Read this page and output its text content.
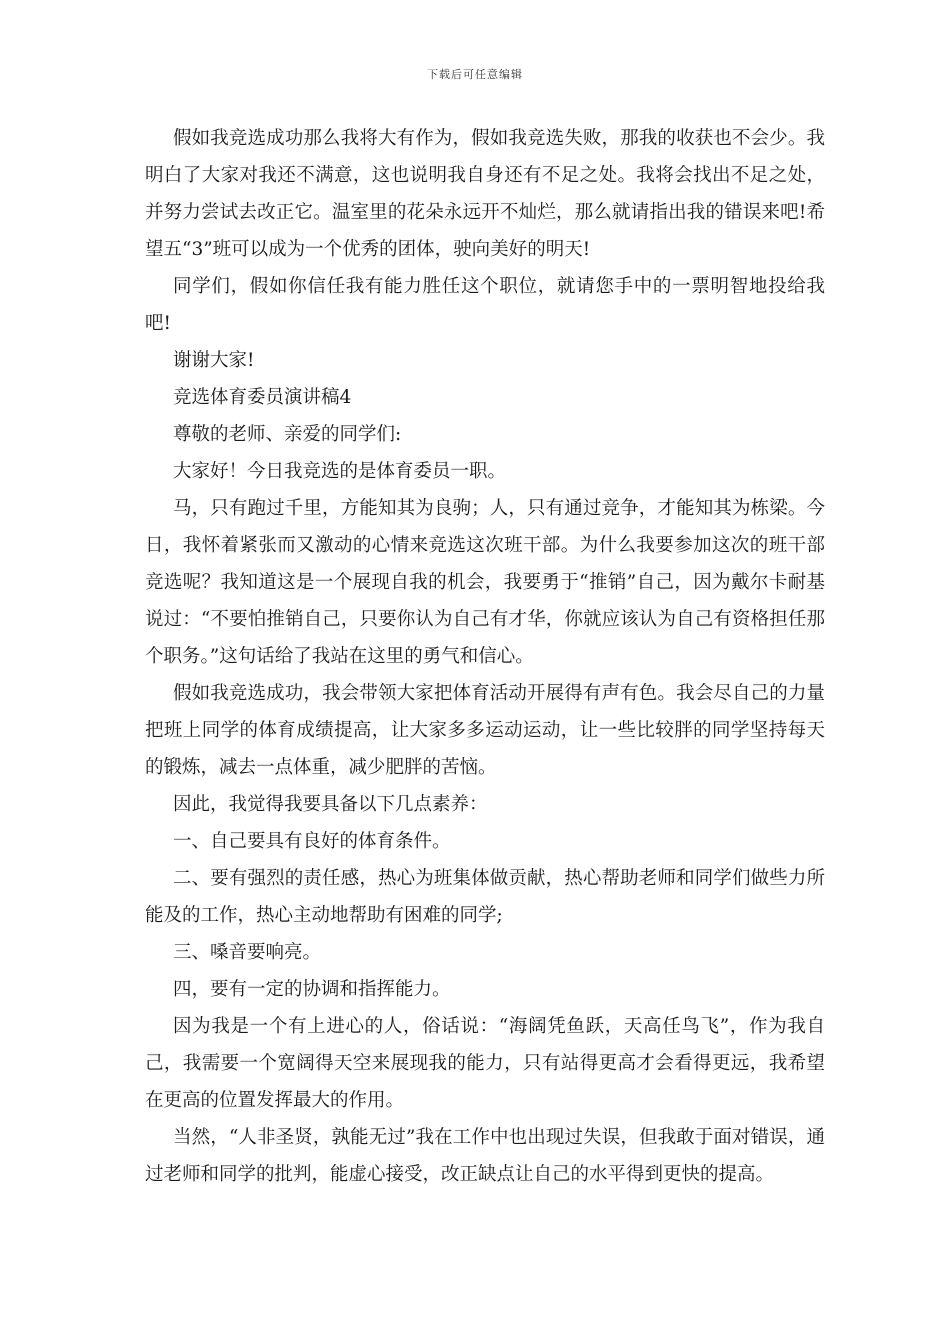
下载后可任意编辑

假如我竞选成功那么我将大有作为，假如我竞选失败，那我的收获也不会少。我明白了大家对我还不满意，这也说明我自身还有不足之处。我将会找出不足之处，并努力尝试去改正它。温室里的花朵永远开不灿烂，那么就请指出我的错误来吧!希望五“3”班可以成为一个优秀的团体，驶向美好的明天!

同学们，假如你信任我有能力胜任这个职位，就请您手中的一票明智地投给我吧!

谢谢大家!

竞选体育委员演讲稿4

尊敬的老师、亲爱的同学们:

大家好！今日我竞选的是体育委员一职。

马，只有跑过千里，方能知其为良驹；人，只有通过竞争，才能知其为栋梁。今日，我怀着紧张而又激动的心情来竞选这次班干部。为什么我要参加这次的班干部竞选呢？我知道这是一个展现自我的机会，我要勇于“推销”自己，因为戴尔卡耐基说过：“不要怕推销自己，只要你认为自己有才华，你就应该认为自己有资格担任那个职务。”这句话给了我站在这里的勇气和信心。

假如我竞选成功，我会带领大家把体育活动开展得有声有色。我会尽自己的力量把班上同学的体育成绩提高，让大家多多运动运动，让一些比较胖的同学坚持每天的锻炼，减去一点体重，减少肥胖的苦恼。

因此，我觉得我要具备以下几点素养：

一、自己要具有良好的体育条件。

二、要有强烈的责任感，热心为班集体做贡献，热心帮助老师和同学们做些力所能及的工作，热心主动地帮助有困难的同学;

三、嗓音要响亮。

四，要有一定的协调和指挥能力。

因为我是一个有上进心的人，俗话说：“海阔凭鱼跃，天高任鸟飞”，作为我自己，我需要一个宽阔得天空来展现我的能力，只有站得更高才会看得更远，我希望在更高的位置发挥最大的作用。

当然，“人非圣贤，孰能无过”我在工作中也出现过失误，但我敢于面对错误，通过老师和同学的批判，能虚心接受，改正缺点让自己的水平得到更快的提高。
